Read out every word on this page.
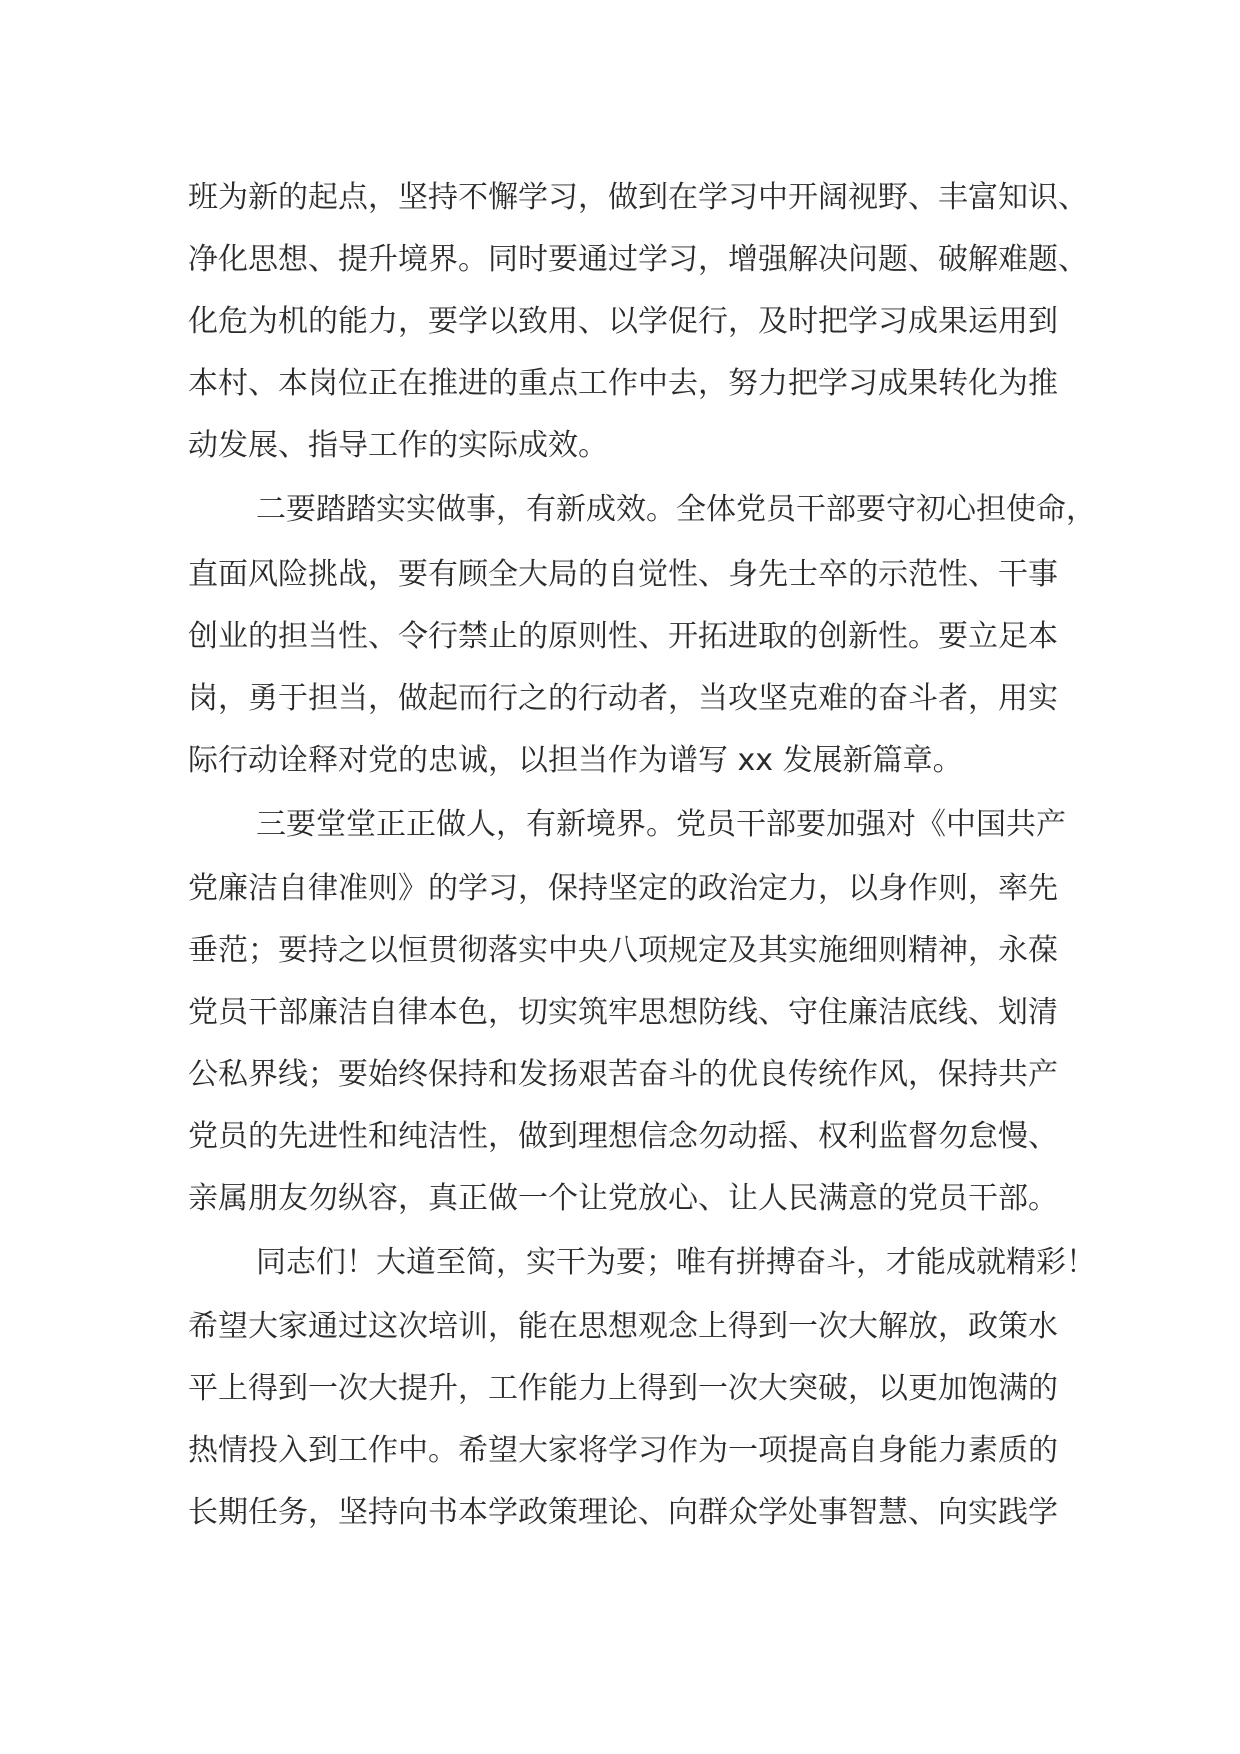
班为新的起点，坚持不懈学习，做到在学习中开阔视野、丰富知识、

净化思想、提升境界。同时要通过学习，增强解决问题、破解难题、

化危为机的能力，要学以致用、以学促行，及时把学习成果运用到

本村、本岗位正在推进的重点工作中去，努力把学习成果转化为推

动发展、指导工作的实际成效。

二要踏踏实实做事，有新成效。全体党员干部要守初心担使命，

直面风险挑战，要有顾全大局的自觉性、身先士卒的示范性、干事

创业的担当性、令行禁止的原则性、开拓进取的创新性。要立足本

岗，勇于担当，做起而行之的行动者，当攻坚克难的奋斗者，用实

际行动诠释对党的忠诚，以担当作为谱写 xx 发展新篇章。

三要堂堂正正做人，有新境界。党员干部要加强对《中国共产

党廉洁自律准则》的学习，保持坚定的政治定力，以身作则，率先

垂范；要持之以恒贯彻落实中央八项规定及其实施细则精神，永葆

党员干部廉洁自律本色，切实筑牢思想防线、守住廉洁底线、划清

公私界线；要始终保持和发扬艰苦奋斗的优良传统作风，保持共产

党员的先进性和纯洁性，做到理想信念勿动摇、权利监督勿怠慢、

亲属朋友勿纵容，真正做一个让党放心、让人民满意的党员干部。

同志们！大道至简，实干为要；唯有拼搏奋斗，才能成就精彩！

希望大家通过这次培训，能在思想观念上得到一次大解放，政策水

平上得到一次大提升，工作能力上得到一次大突破，以更加饱满的

热情投入到工作中。希望大家将学习作为一项提高自身能力素质的

长期任务，坚持向书本学政策理论、向群众学处事智慧、向实践学
